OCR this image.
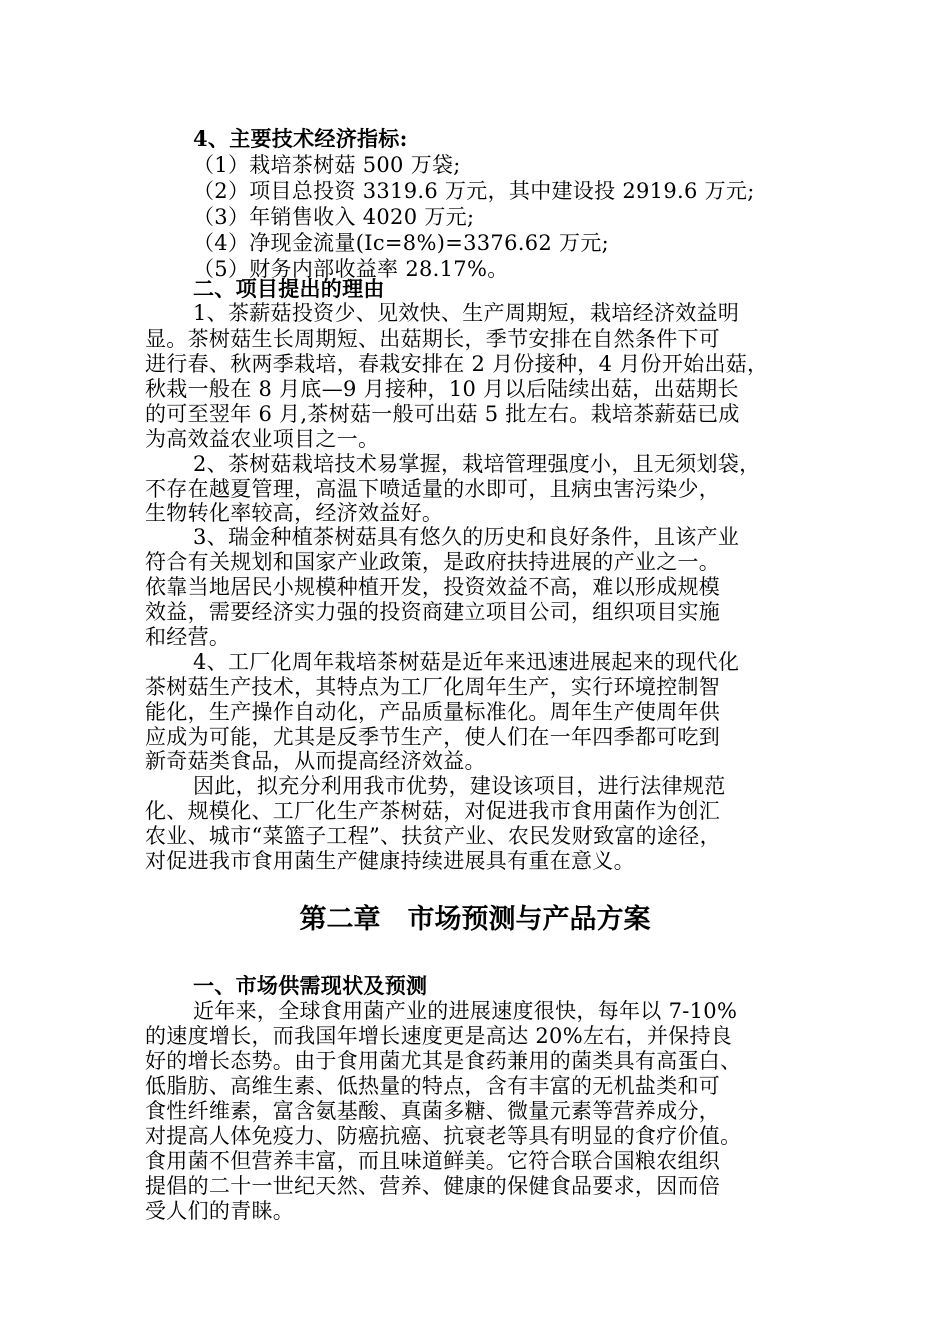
4、主要技术经济指标:
（1）栽培茶树菇 500 万袋;
（2）项目总投资 3319.6 万元，其中建设投 2919.6 万元;
（3）年销售收入 4020 万元;
（4）净现金流量(Ic=8%)=3376.62 万元;
（5）财务内部收益率 28.17%。
二、项目提出的理由
1、茶薪菇投资少、见效快、生产周期短，栽培经济效益明
显。茶树菇生长周期短、出菇期长，季节安排在自然条件下可
进行春、秋两季栽培，春栽安排在 2 月份接种，4 月份开始出菇，
秋栽一般在 8 月底—9 月接种，10 月以后陆续出菇，出菇期长
的可至翌年 6 月,茶树菇一般可出菇 5 批左右。栽培茶薪菇已成
为高效益农业项目之一。
2、茶树菇栽培技术易掌握，栽培管理强度小，且无须划袋，
不存在越夏管理，高温下喷适量的水即可，且病虫害污染少，
生物转化率较高，经济效益好。
3、瑞金种植茶树菇具有悠久的历史和良好条件，且该产业
符合有关规划和国家产业政策，是政府扶持进展的产业之一。
依靠当地居民小规模种植开发，投资效益不高，难以形成规模
效益，需要经济实力强的投资商建立项目公司，组织项目实施
和经营。
4、工厂化周年栽培茶树菇是近年来迅速进展起来的现代化
茶树菇生产技术，其特点为工厂化周年生产，实行环境控制智
能化，生产操作自动化，产品质量标准化。周年生产使周年供
应成为可能，尤其是反季节生产，使人们在一年四季都可吃到
新奇菇类食品，从而提高经济效益。
因此，拟充分利用我市优势，建设该项目，进行法律规范
化、规模化、工厂化生产茶树菇，对促进我市食用菌作为创汇
农业、城市“菜篮子工程”、扶贫产业、农民发财致富的途径，
对促进我市食用菌生产健康持续进展具有重在意义。
第二章　市场预测与产品方案
一、市场供需现状及预测
近年来，全球食用菌产业的进展速度很快，每年以 7-10%
的速度增长，而我国年增长速度更是高达 20%左右，并保持良
好的增长态势。由于食用菌尤其是食药兼用的菌类具有高蛋白、
低脂肪、高维生素、低热量的特点，含有丰富的无机盐类和可
食性纤维素，富含氨基酸、真菌多糖、微量元素等营养成分，
对提高人体免疫力、防癌抗癌、抗衰老等具有明显的食疗价值。
食用菌不但营养丰富，而且味道鲜美。它符合联合国粮农组织
提倡的二十一世纪天然、营养、健康的保健食品要求，因而倍
受人们的青睐。
